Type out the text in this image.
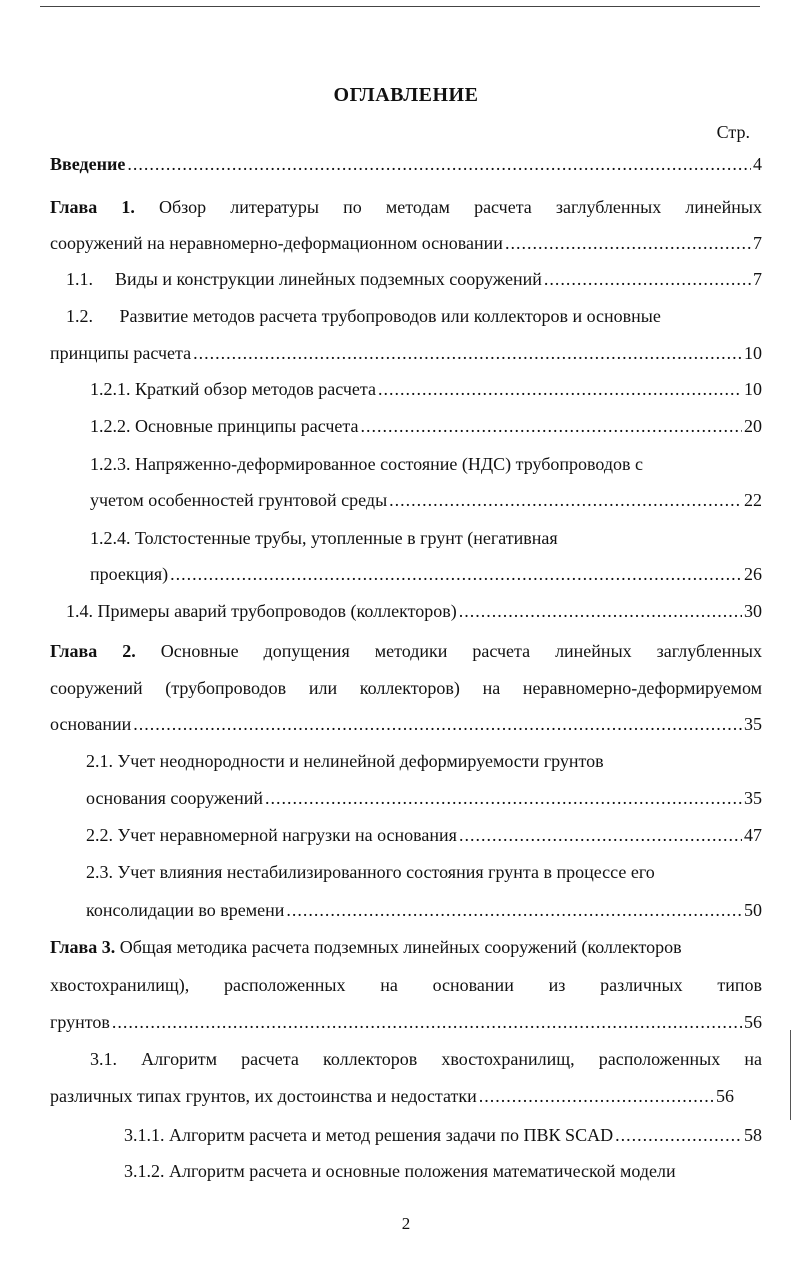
ОГЛАВЛЕНИЕ
Стр.
Введение .....	4
Глава 1. Обзор литературы по методам расчета заглубленных линейных
сооружений на неравномерно-деформационном основании .....	7
1.1. Виды и конструкции линейных подземных сооружений .....	7
1.2. Развитие методов расчета трубопроводов или коллекторов и основные
принципы расчета .....	10
1.2.1. Краткий обзор методов расчета .....	10
1.2.2. Основные принципы расчета .....	20
1.2.3. Напряженно-деформированное состояние (НДС) трубопроводов с
учетом особенностей грунтовой среды .....	22
1.2.4. Толстостенные трубы, утопленные в грунт (негативная
проекция) .....	26
1.4. Примеры аварий трубопроводов (коллекторов) .....	30
Глава 2. Основные допущения методики расчета линейных заглубленных
сооружений (трубопроводов или коллекторов) на неравномерно-деформируемом
основании .....	35
2.1. Учет неоднородности и нелинейной деформируемости грунтов
основания сооружений .....	35
2.2. Учет неравномерной нагрузки на основания .....	47
2.3. Учет влияния нестабилизированного состояния грунта в процессе его
консолидации во времени .....	50
Глава 3. Общая методика расчета подземных линейных сооружений (коллекторов
хвостохранилищ), расположенных на основании из различных типов
грунтов .....	56
3.1. Алгоритм расчета коллекторов хвостохранилищ, расположенных на
различных типах грунтов, их достоинства и недостатки .....	56
3.1.1. Алгоритм расчета и метод решения задачи по ПВК SCAD .....	58
3.1.2. Алгоритм расчета и основные положения математической модели
2
